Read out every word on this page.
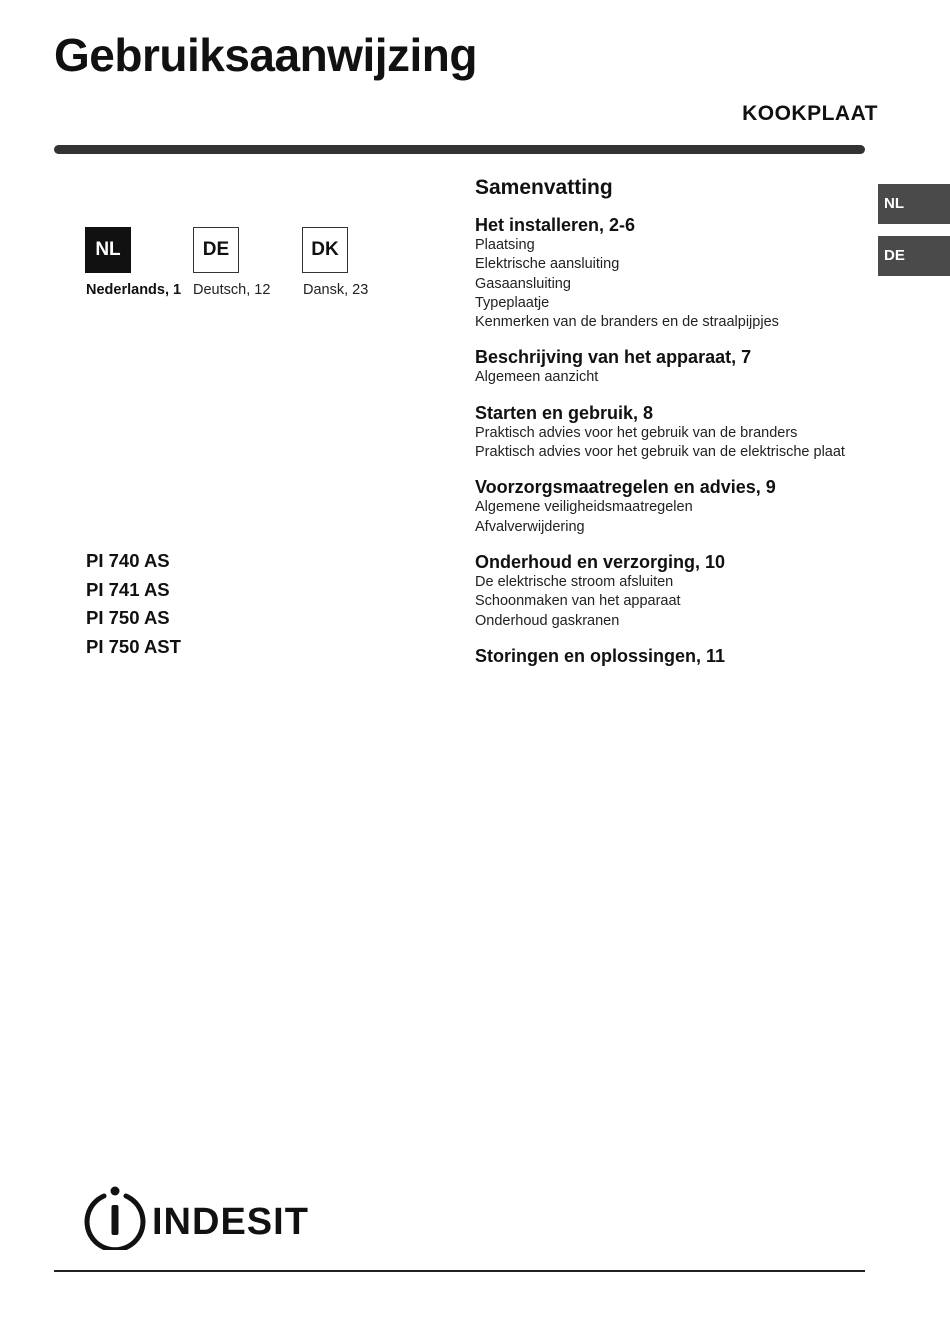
Gebruiksaanwijzing
KOOKPLAAT
NL
DE
NL	DE	DK
Nederlands, 1 Deutsch, 12 Dansk, 23
PI 740 AS
PI 741 AS
PI 750 AS
PI 750 AST
Samenvatting
Het installeren, 2-6
Plaatsing
Elektrische aansluiting
Gasaansluiting
Typeplaatje
Kenmerken van de branders en de straalpijpjes
Beschrijving van het apparaat, 7
Algemeen aanzicht
Starten en gebruik, 8
Praktisch advies voor het gebruik van de branders
Praktisch advies voor het gebruik van de elektrische plaat
Voorzorgsmaatregelen en advies, 9
Algemene veiligheidsmaatregelen
Afvalverwijdering
Onderhoud en verzorging, 10
De elektrische stroom afsluiten
Schoonmaken van het apparaat
Onderhoud gaskranen
Storingen en oplossingen, 11
INDESIT
